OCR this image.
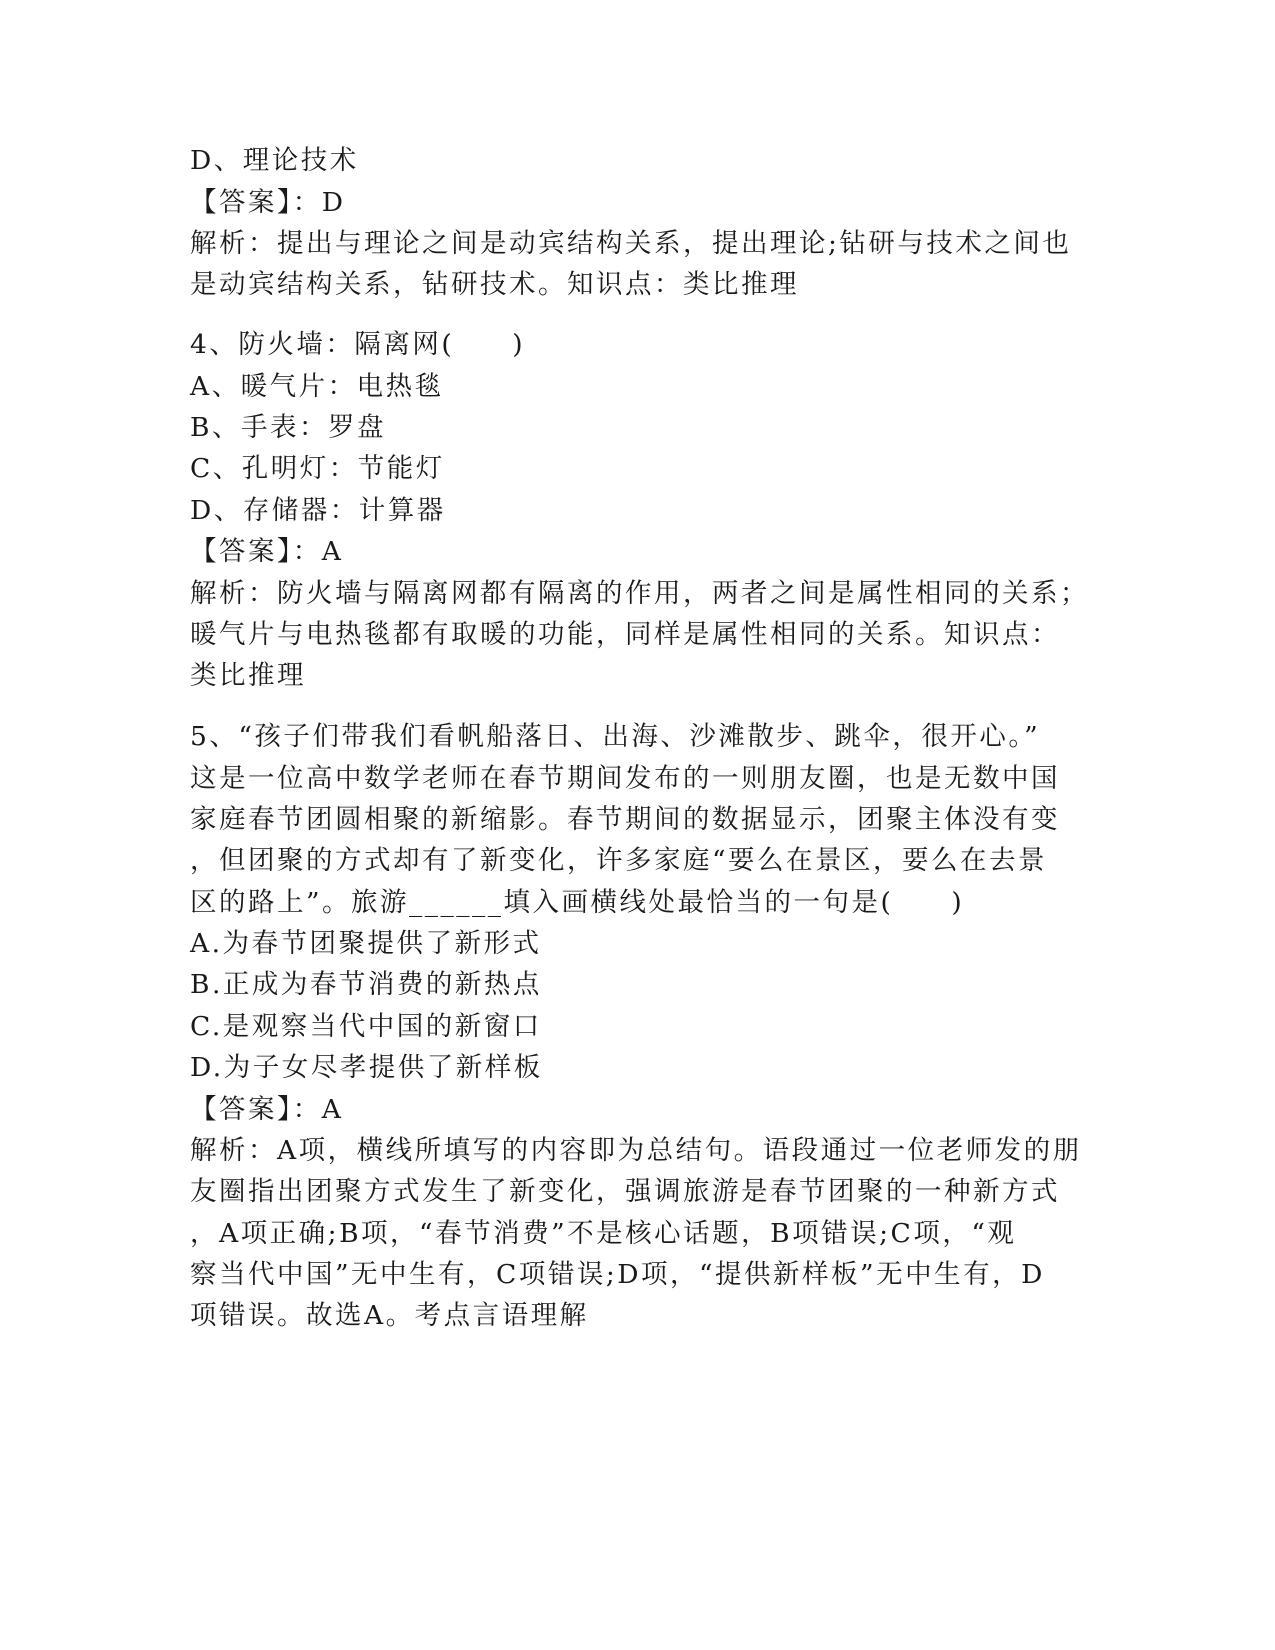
D、理论技术
【答案】：D
解析：提出与理论之间是动宾结构关系，提出理论;钻研与技术之间也
是动宾结构关系，钻研技术。知识点：类比推理
4、防火墙：隔离网(　　)
A、暖气片：电热毯
B、手表：罗盘
C、孔明灯：节能灯
D、存储器：计算器
【答案】：A
解析：防火墙与隔离网都有隔离的作用，两者之间是属性相同的关系；
暖气片与电热毯都有取暖的功能，同样是属性相同的关系。知识点：
类比推理
5、“孩子们带我们看帆船落日、出海、沙滩散步、跳伞，很开心。”
这是一位高中数学老师在春节期间发布的一则朋友圈，也是无数中国
家庭春节团圆相聚的新缩影。春节期间的数据显示，团聚主体没有变
，但团聚的方式却有了新变化，许多家庭“要么在景区，要么在去景
区的路上”。旅游______填入画横线处最恰当的一句是(　　)
A.为春节团聚提供了新形式
B.正成为春节消费的新热点
C.是观察当代中国的新窗口
D.为子女尽孝提供了新样板
【答案】：A
解析：A项，横线所填写的内容即为总结句。语段通过一位老师发的朋
友圈指出团聚方式发生了新变化，强调旅游是春节团聚的一种新方式
，A项正确;B项，“春节消费”不是核心话题，B项错误;C项，“观
察当代中国”无中生有，C项错误;D项，“提供新样板”无中生有，D
项错误。故选A。考点言语理解
